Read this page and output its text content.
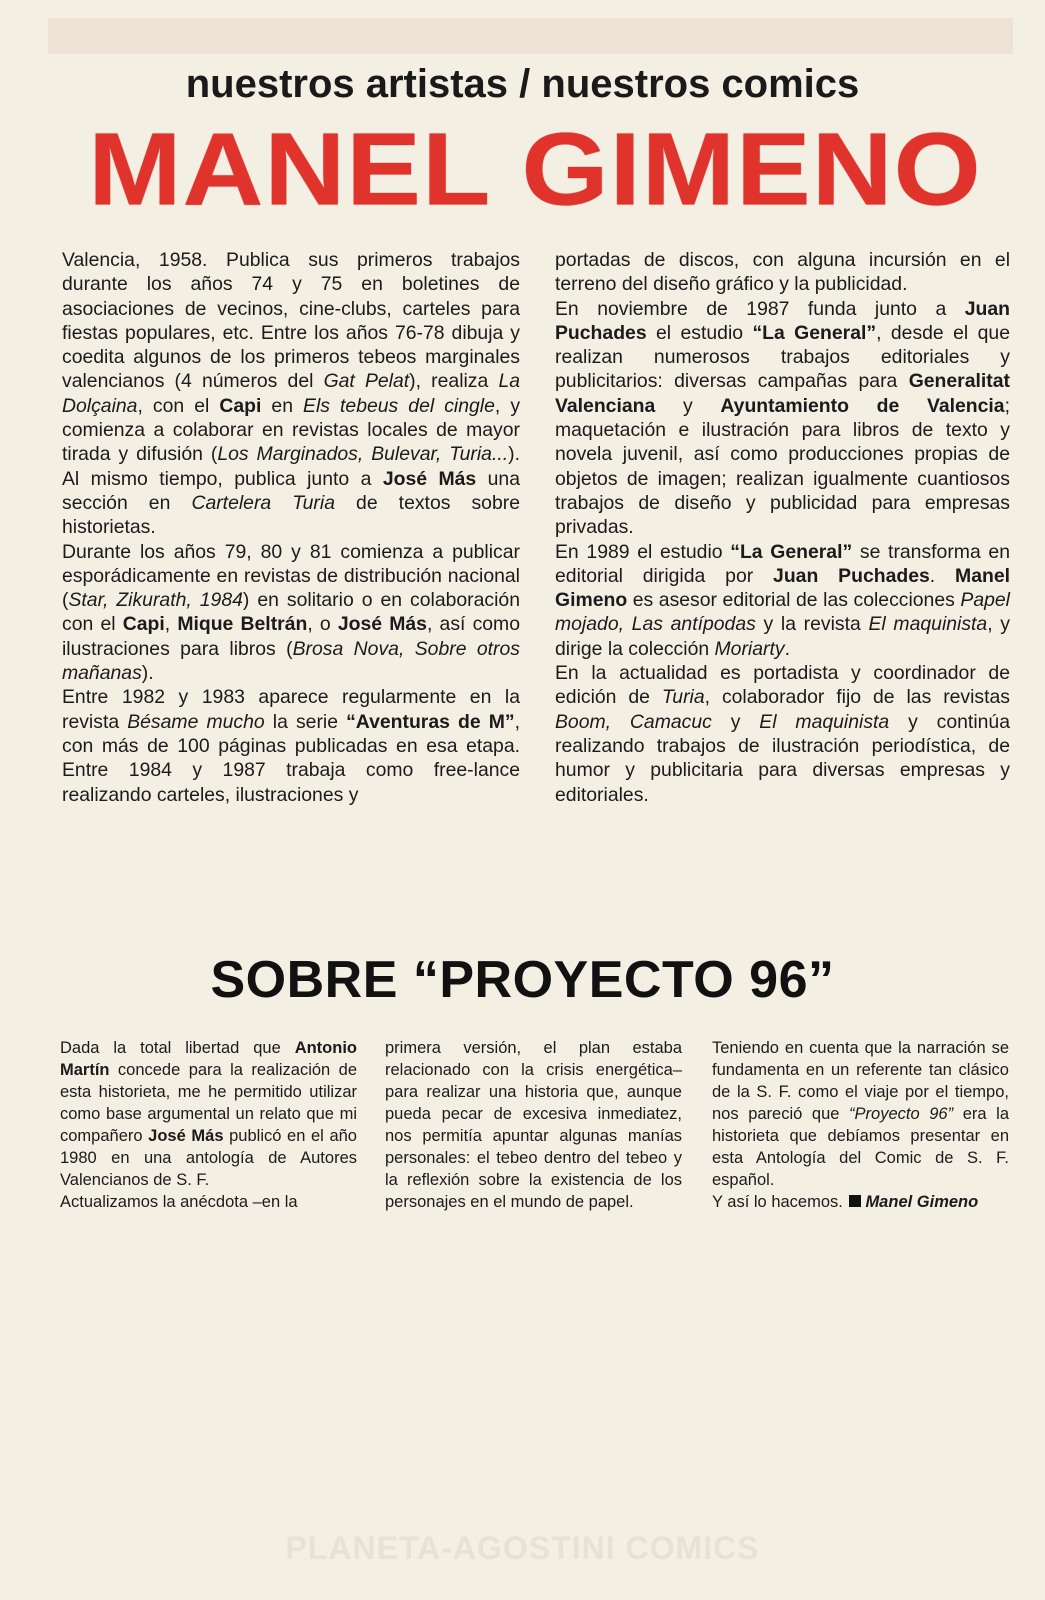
nuestros artistas / nuestros comics
MANEL GIMENO

Valencia, 1958. Publica sus primeros trabajos durante los años 74 y 75 en boletines de asociaciones de vecinos, cine-clubs, carteles para fiestas populares, etc. Entre los años 76-78 dibuja y coedita algunos de los primeros tebeos marginales valencianos (4 números del Gat Pelat), realiza La Dolçaina, con el Capi en Els tebeus del cingle, y comienza a colaborar en revistas locales de mayor tirada y difusión (Los Marginados, Bulevar, Turia...). Al mismo tiempo, publica junto a José Más una sección en Cartelera Turia de textos sobre historietas.

Durante los años 79, 80 y 81 comienza a publicar esporádicamente en revistas de distribución nacional (Star, Zikurath, 1984) en solitario o en colaboración con el Capi, Mique Beltrán, o José Más, así como ilustraciones para libros (Brosa Nova, Sobre otros mañanas).

Entre 1982 y 1983 aparece regularmente en la revista Bésame mucho la serie “Aventuras de M”, con más de 100 páginas publicadas en esa etapa. Entre 1984 y 1987 trabaja como free-lance realizando carteles, ilustraciones y

portadas de discos, con alguna incursión en el terreno del diseño gráfico y la publicidad.

En noviembre de 1987 funda junto a Juan Puchades el estudio “La General”, desde el que realizan numerosos trabajos editoriales y publicitarios: diversas campañas para Generalitat Valenciana y Ayuntamiento de Valencia; maquetación e ilustración para libros de texto y novela juvenil, así como producciones propias de objetos de imagen; realizan igualmente cuantiosos trabajos de diseño y publicidad para empresas privadas.

En 1989 el estudio “La General” se transforma en editorial dirigida por Juan Puchades. Manel Gimeno es asesor editorial de las colecciones Papel mojado, Las antípodas y la revista El maquinista, y dirige la colección Moriarty.

En la actualidad es portadista y coordinador de edición de Turia, colaborador fijo de las revistas Boom, Camacuc y El maquinista y continúa realizando trabajos de ilustración periodística, de humor y publicitaria para diversas empresas y editoriales.

SOBRE “PROYECTO 96”

Dada la total libertad que Antonio Martín concede para la realización de esta historieta, me he permitido utilizar como base argumental un relato que mi compañero José Más publicó en el año 1980 en una antología de Autores Valencianos de S. F.

Actualizamos la anécdota –en la

primera versión, el plan estaba relacionado con la crisis energética– para realizar una historia que, aunque pueda pecar de excesiva inmediatez, nos permitía apuntar algunas manías personales: el tebeo dentro del tebeo y la reflexión sobre la existencia de los personajes en el mundo de papel.

Teniendo en cuenta que la narración se fundamenta en un referente tan clásico de la S. F. como el viaje por el tiempo, nos pareció que “Proyecto 96” era la historieta que debíamos presentar en esta Antología del Comic de S. F. español.

Y así lo hacemos. Manel Gimeno

PLANETA-AGOSTINI COMICS
